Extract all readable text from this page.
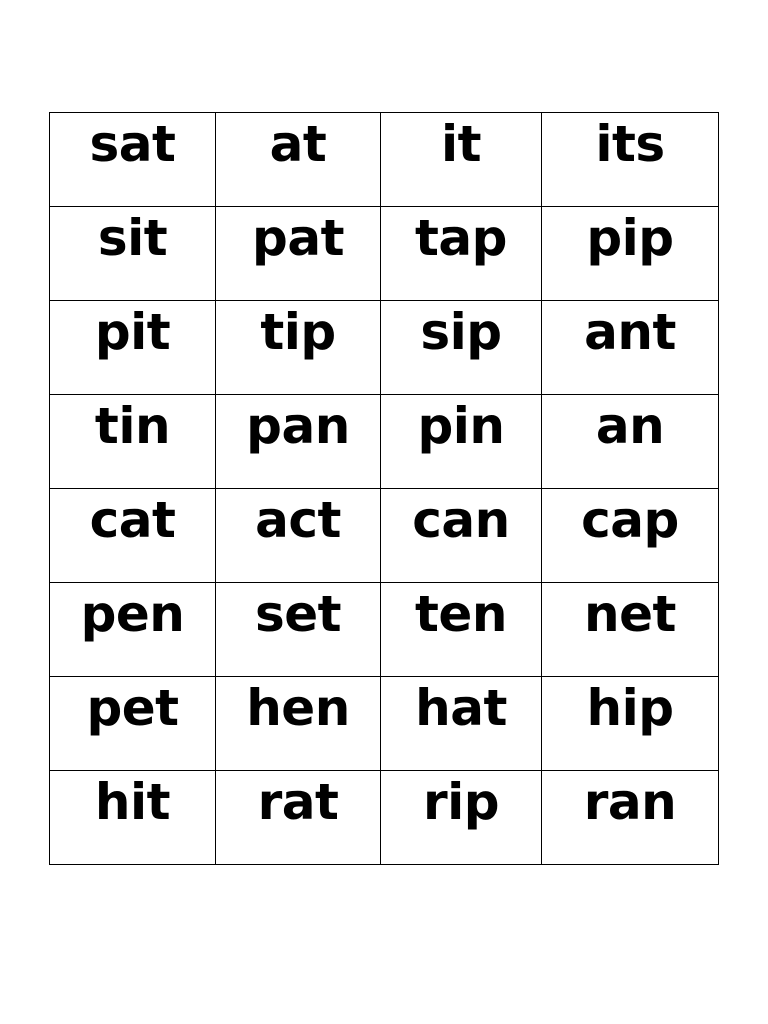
sat	at	it	its

sit	pat	tap	pip

pit	tip	sip	ant

tin	pan	pin	an

cat	act	can	cap

pen	set	ten	net

pet	hen	hat	hip

hit	rat	rip	ran
